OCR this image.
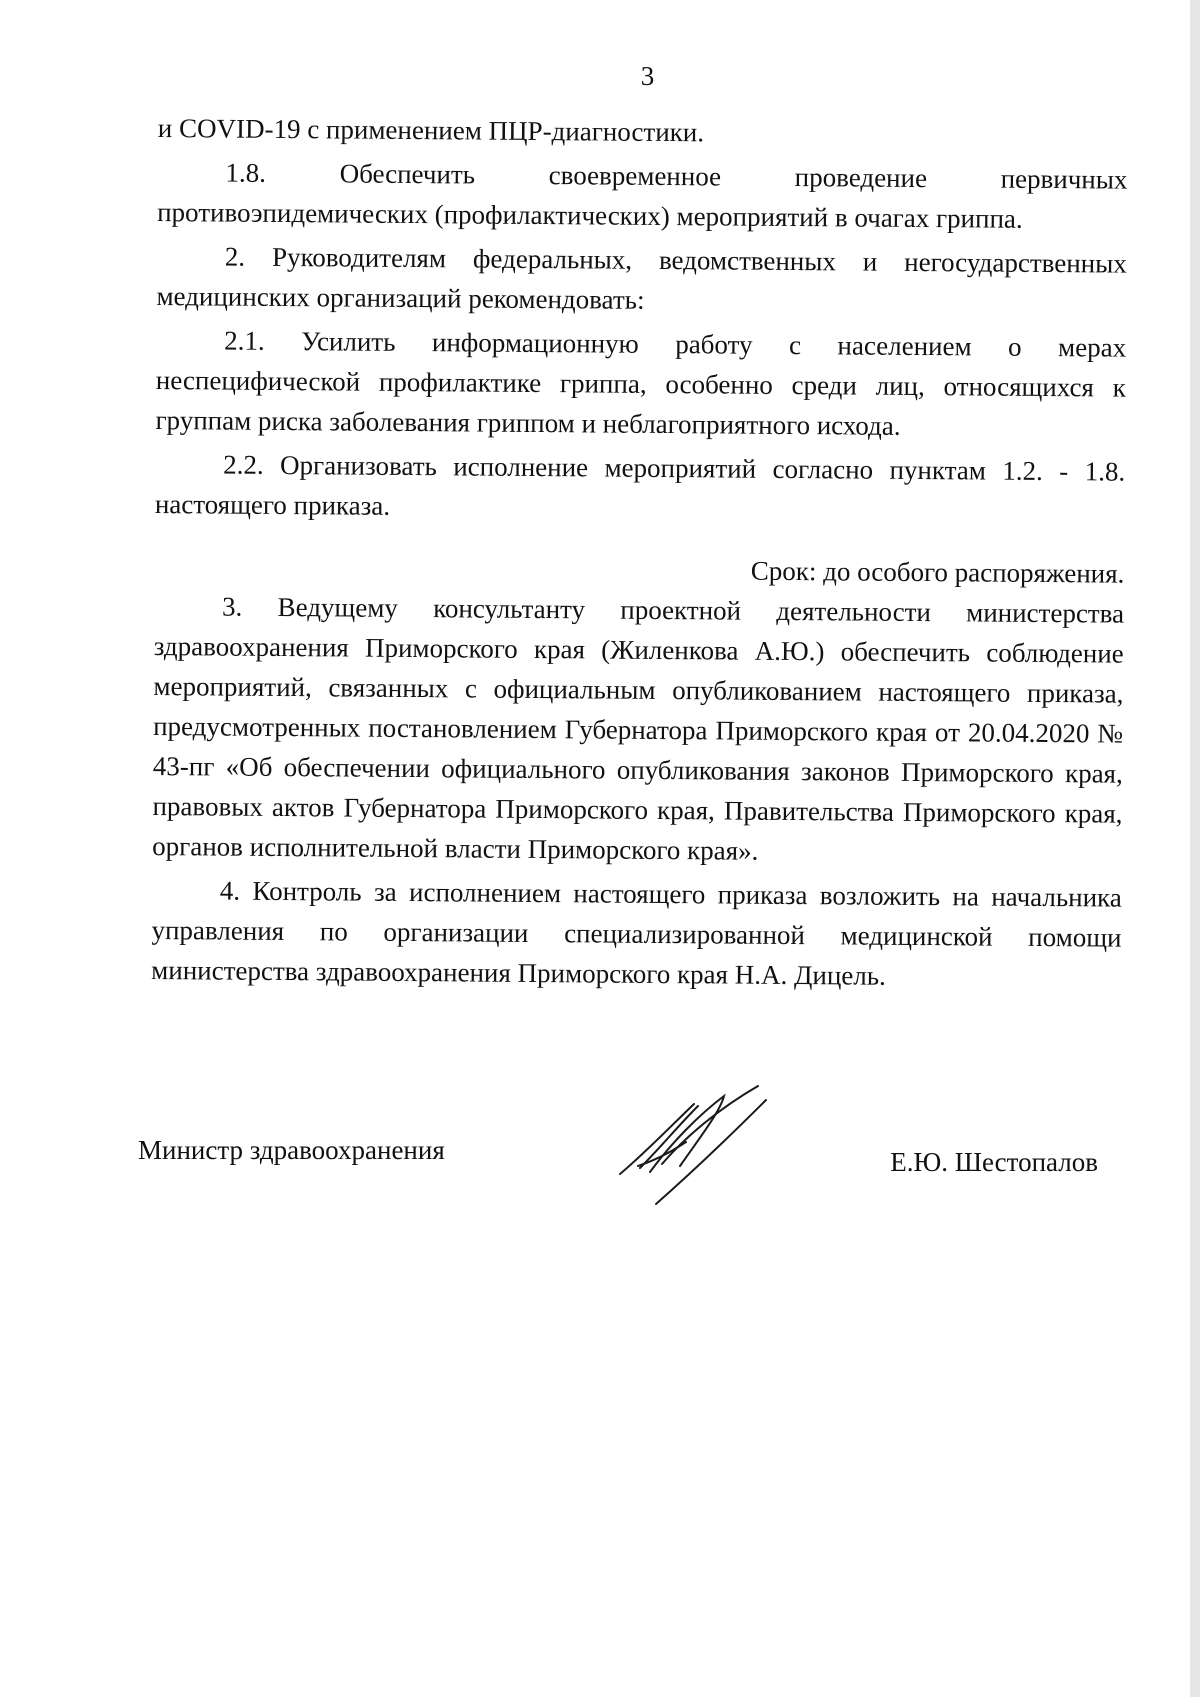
3

и COVID-19 с применением ПЦР-диагностики.

1.8. Обеспечить своевременное проведение первичных противоэпидемических (профилактических) мероприятий в очагах гриппа.

2. Руководителям федеральных, ведомственных и негосударственных медицинских организаций рекомендовать:

2.1. Усилить информационную работу с населением о мерах неспецифической профилактике гриппа, особенно среди лиц, относящихся к группам риска заболевания гриппом и неблагоприятного исхода.

2.2. Организовать исполнение мероприятий согласно пунктам 1.2. - 1.8. настоящего приказа.

Срок: до особого распоряжения.

3. Ведущему консультанту проектной деятельности министерства здравоохранения Приморского края (Жиленкова А.Ю.) обеспечить соблюдение мероприятий, связанных с официальным опубликованием настоящего приказа, предусмотренных постановлением Губернатора Приморского края от 20.04.2020 № 43-пг «Об обеспечении официального опубликования законов Приморского края, правовых актов Губернатора Приморского края, Правительства Приморского края, органов исполнительной власти Приморского края».

4. Контроль за исполнением настоящего приказа возложить на начальника управления по организации специализированной медицинской помощи министерства здравоохранения Приморского края Н.А. Дицель.

Министр здравоохранения	Е.Ю. Шестопалов
